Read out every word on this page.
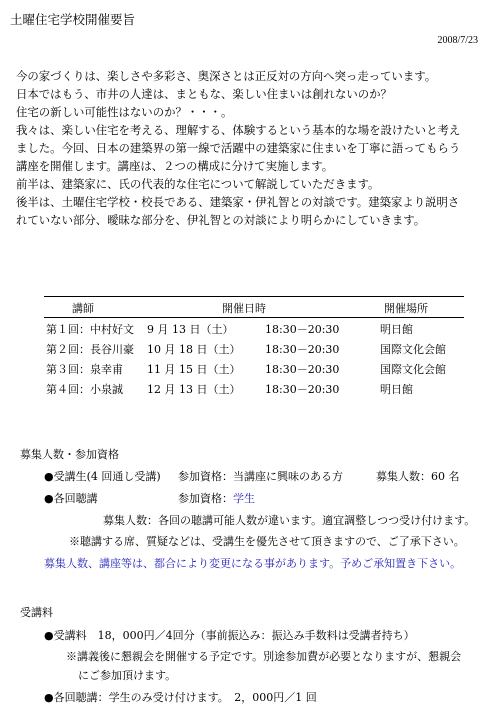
土曜住宅学校開催要旨
2008/7/23

今の家づくりは、楽しさや多彩さ、奥深さとは正反対の方向へ突っ走っています。

日本ではもう、市井の人達は、まともな、楽しい住まいは創れないのか？

住宅の新しい可能性はないのか？・・・。

我々は、楽しい住宅を考える、理解する、体験するという基本的な場を設けたいと考え

ました。今回、日本の建築界の第一線で活躍中の建築家に住まいを丁寧に語ってもらう

講座を開催します。講座は、２つの構成に分けて実施します。

前半は、建築家に、氏の代表的な住宅について解説していただきます。

後半は、土曜住宅学校・校長である、建築家・伊礼智との対談です。建築家より説明さ

れていない部分、曖昧な部分を、伊礼智との対談により明らかにしていきます。

講師	開催日時	開催場所
第１回：中村好文 9 月 13 日（土）	18:30－20:30	明日館
第２回：長谷川豪 10 月 18 日（土） 18:30－20:30	国際文化会館
第３回：泉幸甫 11 月 15 日（土） 18:30－20:30	国際文化会館
第４回：小泉誠 12 月 13 日（土） 18:30－20:30	明日館
募集人数・参加資格
●受講生(4 回通し受講) 参加資格：当講座に興味のある方	募集人数：60 名
●各回聴講	参加資格：学生
募集人数：各回の聴講可能人数が違います。適宜調整しつつ受け付けます。
※聴講する席、質疑などは、受講生を優先させて頂きますので、ご了承下さい。
募集人数、講座等は、都合により変更になる事があります。予めご承知置き下さい。
受講料
●受講料　18，000円／4回分（事前振込み：振込み手数料は受講者持ち）
※講義後に懇親会を開催する予定です。別途参加費が必要となりますが、懇親会
にご参加頂けます。
●各回聴講：学生のみ受け付けます。　2，000円／1 回
